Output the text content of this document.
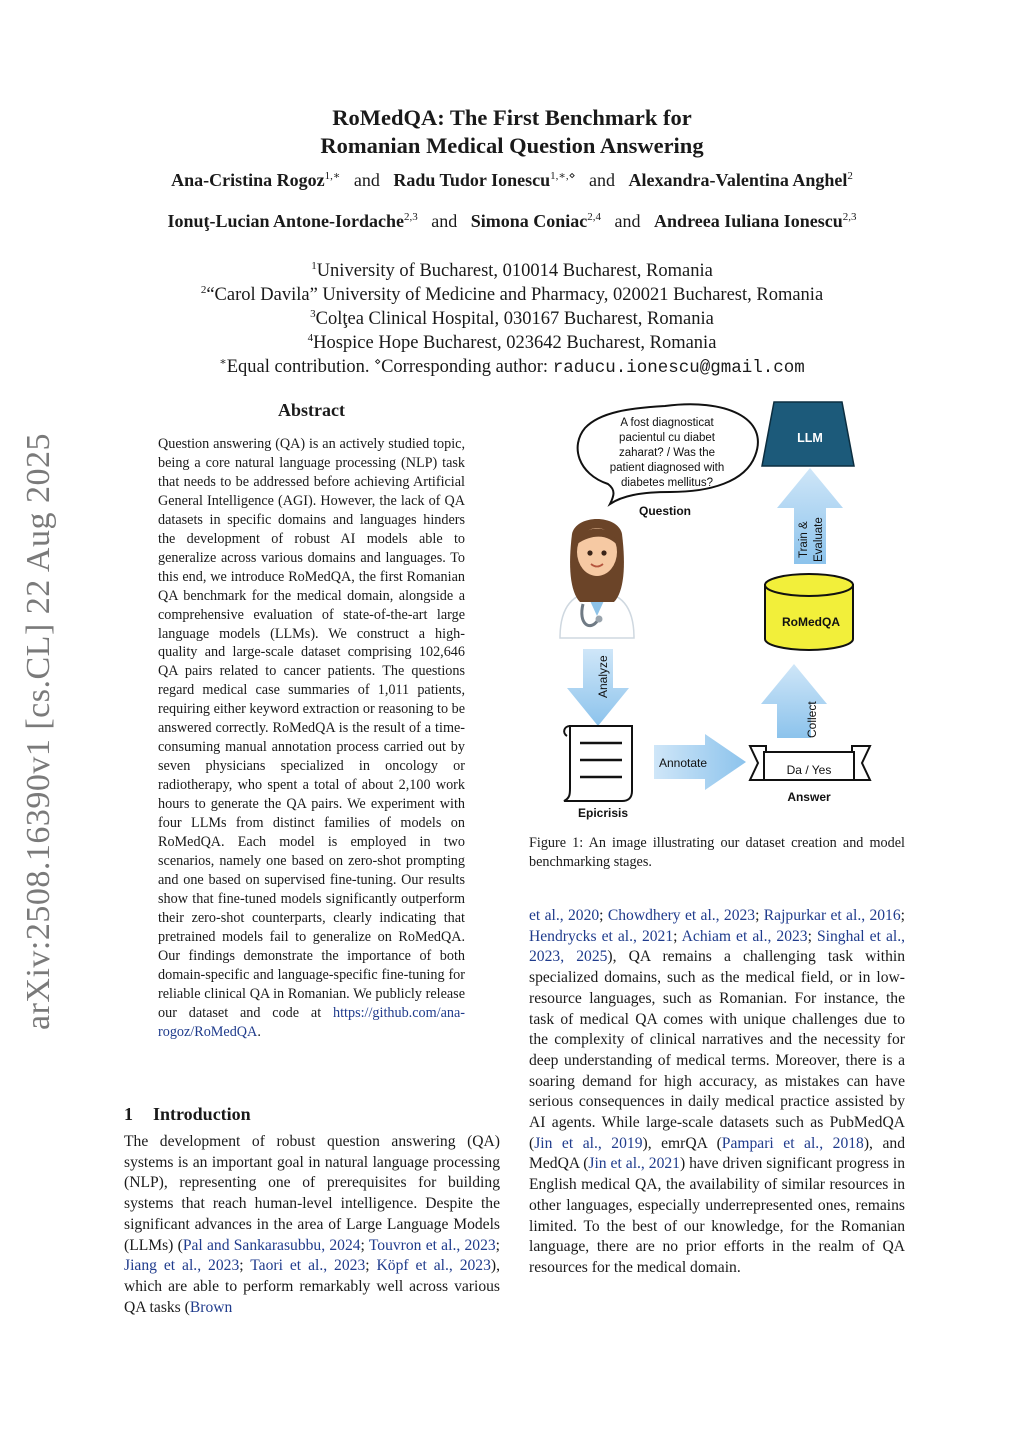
arXiv:2508.16390v1 [cs.CL] 22 Aug 2025
RoMedQA: The First Benchmark for
Romanian Medical Question Answering
Ana-Cristina Rogoz$^{1,∗}$ and Radu Tudor Ionescu$^{1,∗,⋄}$ and Alexandra-Valentina Anghel$^2$
Ionuţ-Lucian Antone-Iordache$^{2,3}$ and Simona Coniac$^{2,4}$ and Andreea Iuliana Ionescu$^{2,3}$
$^1$University of Bucharest, 010014 Bucharest, Romania
$^2$“Carol Davila” University of Medicine and Pharmacy, 020021 Bucharest, Romania
$^3$Colţea Clinical Hospital, 030167 Bucharest, Romania
$^4$Hospice Hope Bucharest, 023642 Bucharest, Romania
∗Equal contribution. ⋄Corresponding author: raducu.ionescu@gmail.com
Abstract
Question answering (QA) is an actively studied topic, being a core natural language processing (NLP) task that needs to be addressed before achieving Artificial General Intelligence (AGI). However, the lack of QA datasets in specific domains and languages hinders the development of robust AI models able to generalize across various domains and languages. To this end, we introduce RoMedQA, the first Romanian QA benchmark for the medical domain, alongside a comprehensive evaluation of state-of-the-art large language models (LLMs). We construct a high-quality and large-scale dataset comprising 102,646 QA pairs related to cancer patients. The questions regard medical case summaries of 1,011 patients, requiring either keyword extraction or reasoning to be answered correctly. RoMedQA is the result of a time-consuming manual annotation process carried out by seven physicians specialized in oncology or radiotherapy, who spent a total of about 2,100 work hours to generate the QA pairs. We experiment with four LLMs from distinct families of models on RoMedQA. Each model is employed in two scenarios, namely one based on zero-shot prompting and one based on supervised fine-tuning. Our results show that fine-tuned models significantly outperform their zero-shot counterparts, clearly indicating that pretrained models fail to generalize on RoMedQA. Our findings demonstrate the importance of both domain-specific and language-specific fine-tuning for reliable clinical QA in Romanian. We publicly release our dataset and code at https://github.com/ana-rogoz/RoMedQA.
A fost diagnosticat
pacientul cu diabet
zaharat? / Was the
patient diagnosed with
diabetes mellitus?
Question
Analyze
Epicrisis
Annotate	Da / Yes
Answer
Collect
RoMedQA
Train & Evaluate
LLM
Figure 1: An image illustrating our dataset creation and model benchmarking stages.
1 Introduction
The development of robust question answering (QA) systems is an important goal in natural language processing (NLP), representing one of prerequisites for building systems that reach human-level intelligence. Despite the significant advances in the area of Large Language Models (LLMs) (Pal and Sankarasubbu, 2024; Touvron et al., 2023; Jiang et al., 2023; Taori et al., 2023; Köpf et al., 2023), which are able to perform remarkably well across various QA tasks (Brown
et al., 2020; Chowdhery et al., 2023; Rajpurkar et al., 2016; Hendrycks et al., 2021; Achiam et al., 2023; Singhal et al., 2023, 2025), QA remains a challenging task within specialized domains, such as the medical field, or in low-resource languages, such as Romanian. For instance, the task of medical QA comes with unique challenges due to the complexity of clinical narratives and the necessity for deep understanding of medical terms. Moreover, there is a soaring demand for high accuracy, as mistakes can have serious consequences in daily medical practice assisted by AI agents. While large-scale datasets such as PubMedQA (Jin et al., 2019), emrQA (Pampari et al., 2018), and MedQA (Jin et al., 2021) have driven significant progress in English medical QA, the availability of similar resources in other languages, especially underrepresented ones, remains limited. To the best of our knowledge, for the Romanian language, there are no prior efforts in the realm of QA resources for the medical domain.
